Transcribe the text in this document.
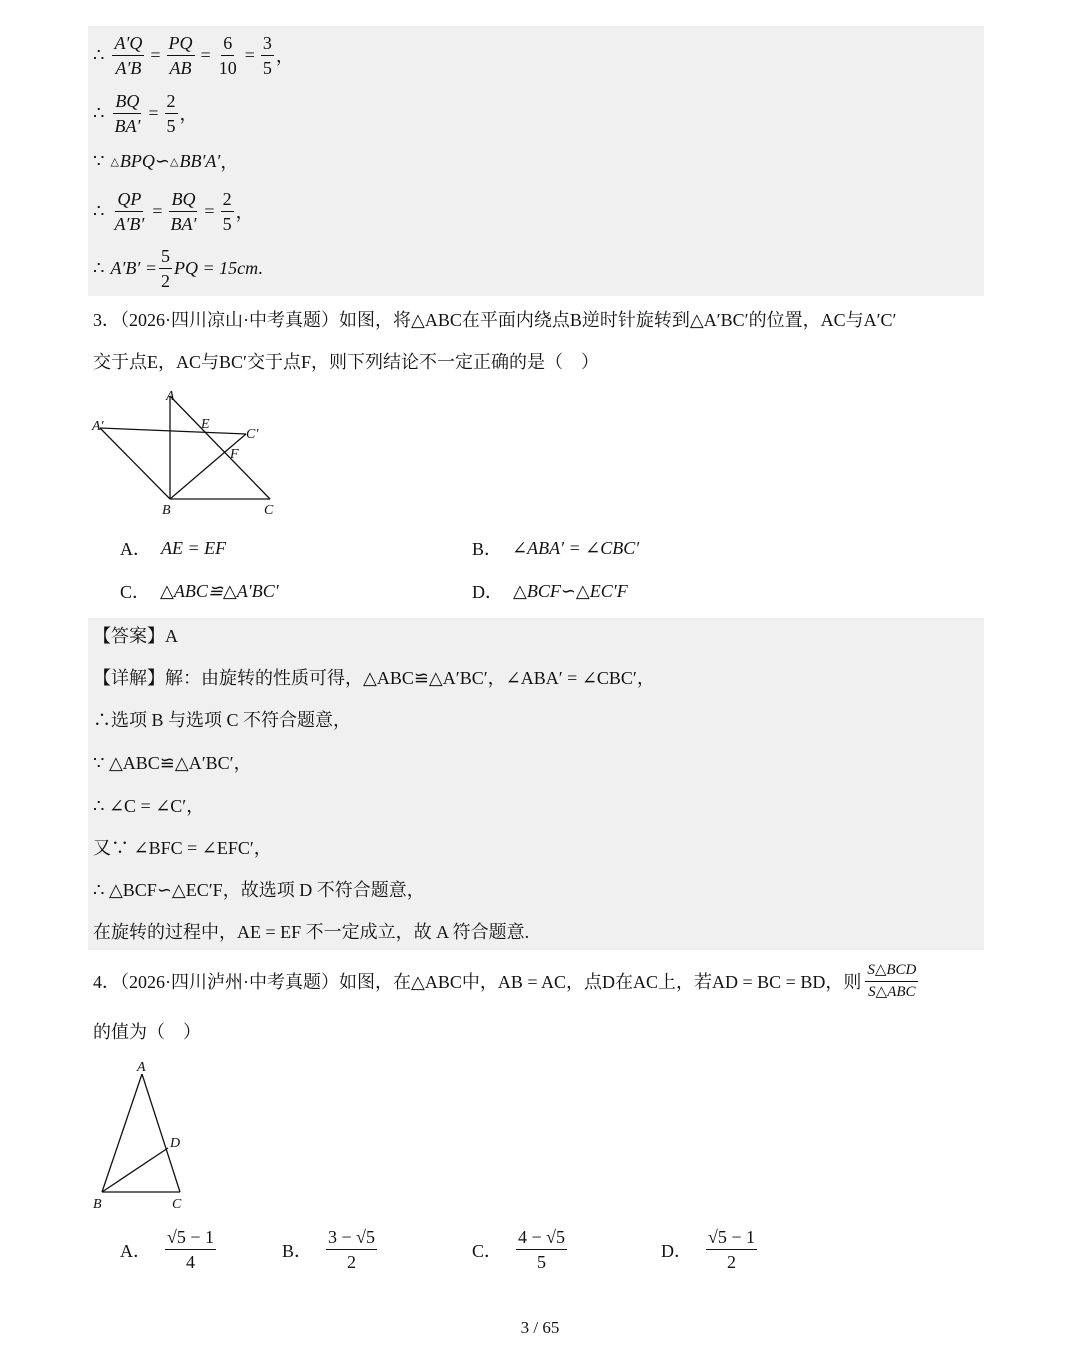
∴ $\frac{A'Q}{A'B} = \frac{PQ}{AB} = \frac{6}{10} = \frac{3}{5}$ ，
∴ $\frac{BQ}{BA'} = \frac{2}{5}$ ，
∵ △ BPQ∽ △ BB′A′ ，
∴ $\frac{QP}{A'B'} = \frac{BQ}{BA'} = \frac{2}{5}$ ，
∴ $A'B' = \frac{5}{2}$ PQ = 15cm .
3．（2026·四川凉山·中考真题）如图，将△ABC在平面内绕点B逆时针旋转到△A′BC′的位置，AC与A′C′
交于点E，AC与BC′交于点F，则下列结论不一定正确的是（　）
A
A′	E
C′
F
B	C
A． AE = EF	B． ∠ABA′ = ∠CBC′
C． △ABC≌△A′BC′	D． △BCF∽△EC′F
【答案】A
【详解】解：由旋转的性质可得，△ABC≌△A′BC′，∠ABA′ = ∠CBC′，
∴选项 B 与选项 C 不符合题意，
∵ △ABC≌△A′BC′，
∴ ∠C = ∠C′，
又∵ ∠BFC = ∠EFC′，
∴ △BCF∽△EC′F，故选项 D 不符合题意，
在旋转的过程中，AE = EF 不一定成立，故 A 符合题意.
4．（2026·四川泸州·中考真题）如图，在△ABC中，AB = AC，点D在AC上，若AD = BC = BD，则 $\frac{\text{S△BCD}}{\text{S△ABC}}$
的值为（　）
A
D
B	C
A． $\frac{√5 - 1}{4}$	B． $\frac{3 - √5}{2}$	C． $\frac{4 - √5}{5}$	D． $\frac{√5 - 1}{2}$
3 / 65
